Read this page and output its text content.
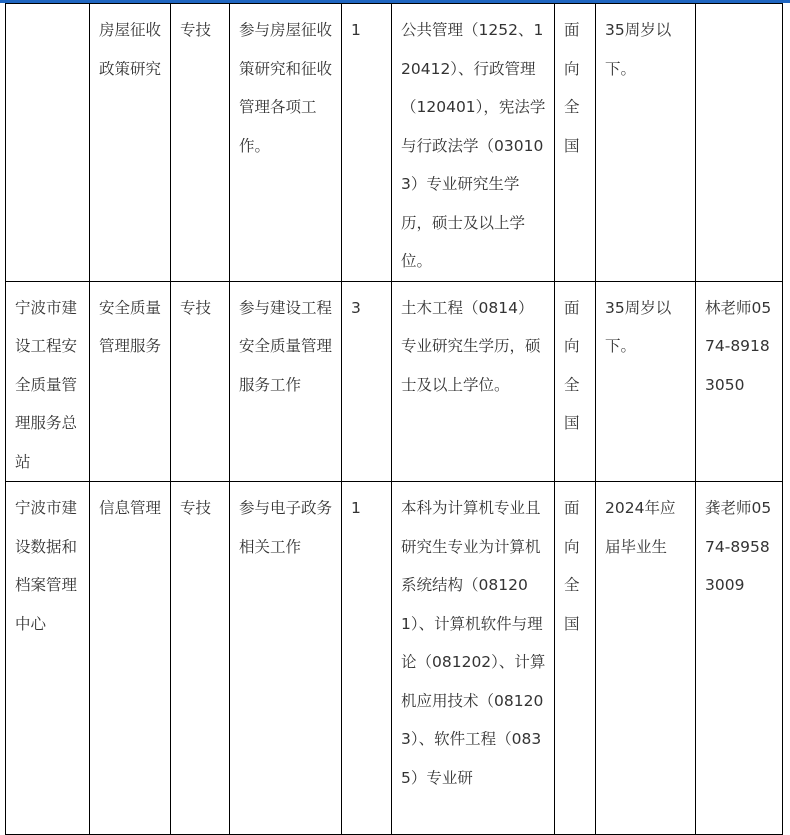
	房屋征收政策研究	专技	参与房屋征收策研究和征收管理各项工作。	1	公共管理（1252、120412）、行政管理（120401），宪法学与行政法学（030103）专业研究生学历，硕士及以上学位。	面向全国	35周岁以下。	

宁波市建设工程安全质量管理服务总站	安全质量管理服务	专技	参与建设工程安全质量管理服务工作	3	土木工程（0814）专业研究生学历，硕士及以上学位。	面向全国	35周岁以下。	林老师0574-89183050

宁波市建设数据和档案管理中心	信息管理	专技	参与电子政务相关工作	1	本科为计算机专业且研究生专业为计算机系统结构（081201）、计算机软件与理论（081202）、计算机应用技术（081203）、软件工程（0835）专业研	面向全国	2024年应届毕业生	龚老师0574-89583009
